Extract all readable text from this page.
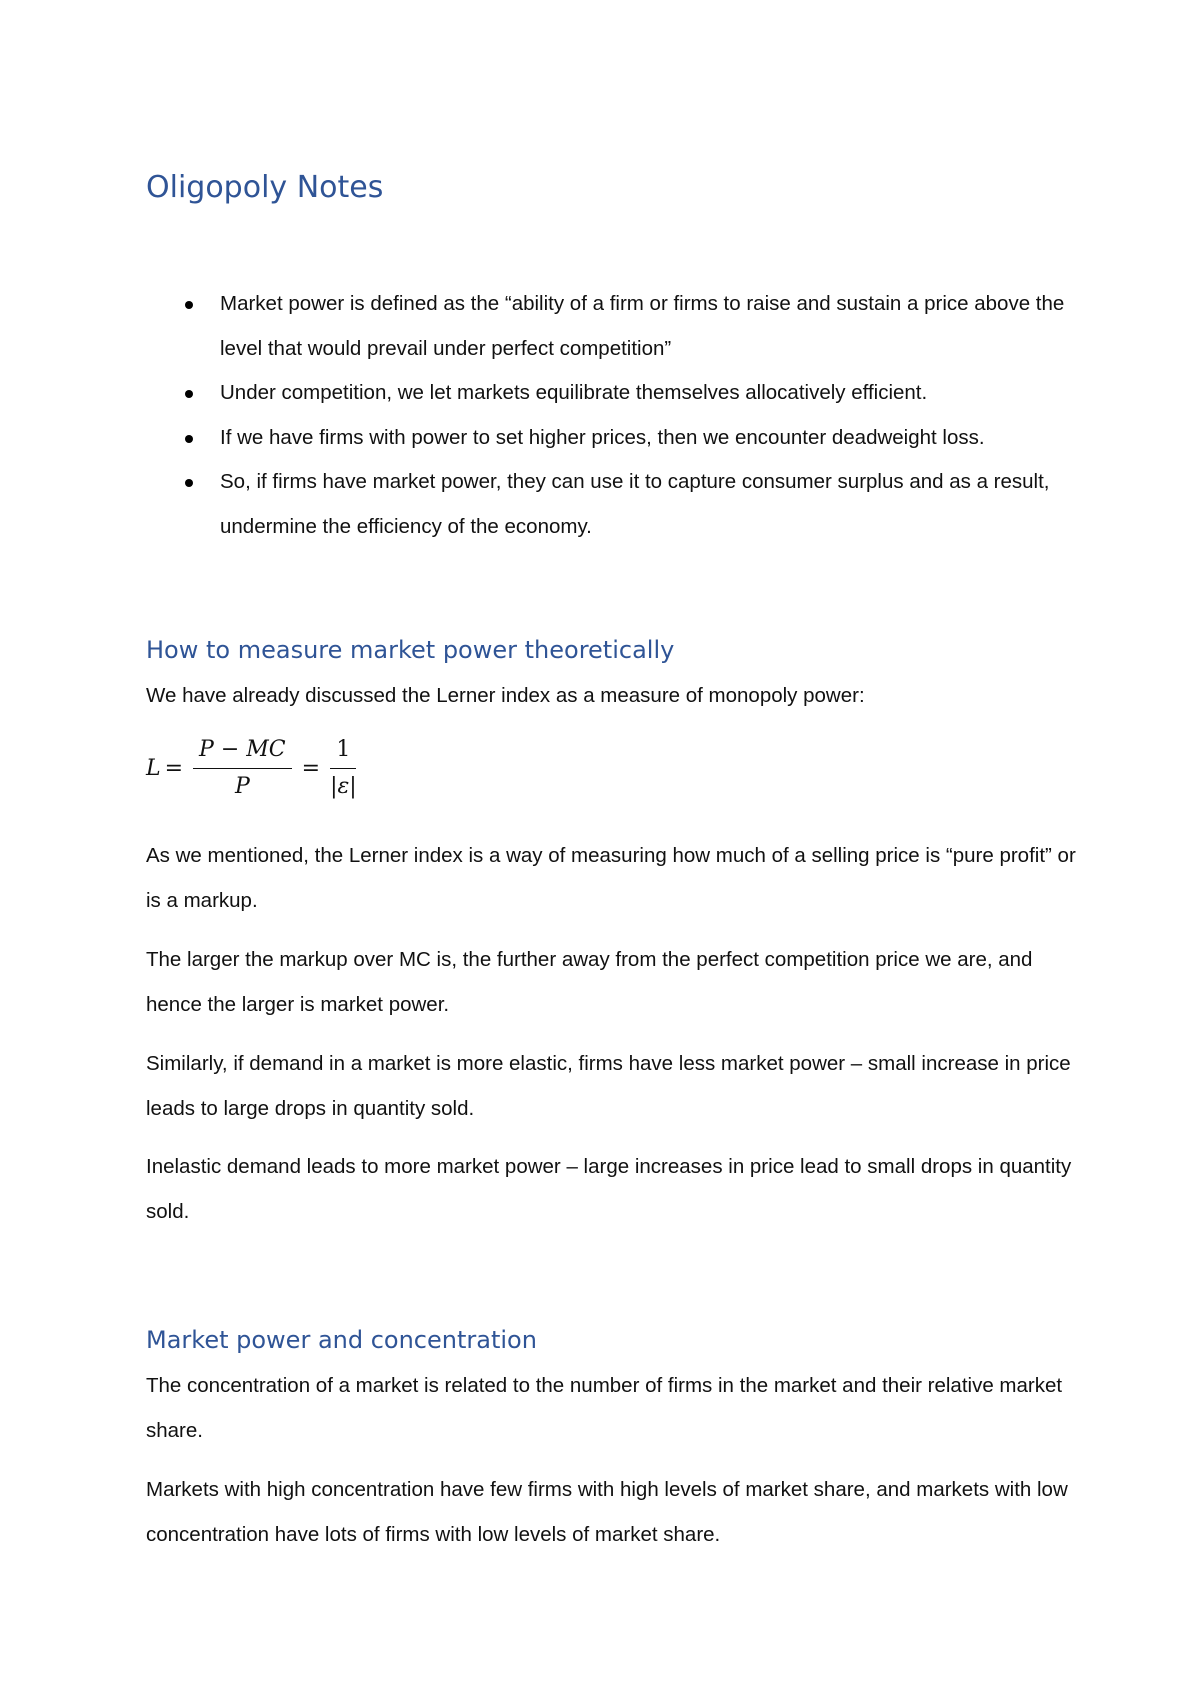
Oligopoly Notes
Market power is defined as the “ability of a firm or firms to raise and sustain a price above the level that would prevail under perfect competition”
Under competition, we let markets equilibrate themselves allocatively efficient.
If we have firms with power to set higher prices, then we encounter deadweight loss.
So, if firms have market power, they can use it to capture consumer surplus and as a result, undermine the efficiency of the economy.
How to measure market power theoretically

We have already discussed the Lerner index as a measure of monopoly power:

$L = \frac{P - MC}{P} = \frac{1}{|\varepsilon|}$

As we mentioned, the Lerner index is a way of measuring how much of a selling price is “pure profit” or is a markup.

The larger the markup over MC is, the further away from the perfect competition price we are, and hence the larger is market power.

Similarly, if demand in a market is more elastic, firms have less market power – small increase in price leads to large drops in quantity sold.

Inelastic demand leads to more market power – large increases in price lead to small drops in quantity sold.

Market power and concentration

The concentration of a market is related to the number of firms in the market and their relative market share.

Markets with high concentration have few firms with high levels of market share, and markets with low concentration have lots of firms with low levels of market share.
